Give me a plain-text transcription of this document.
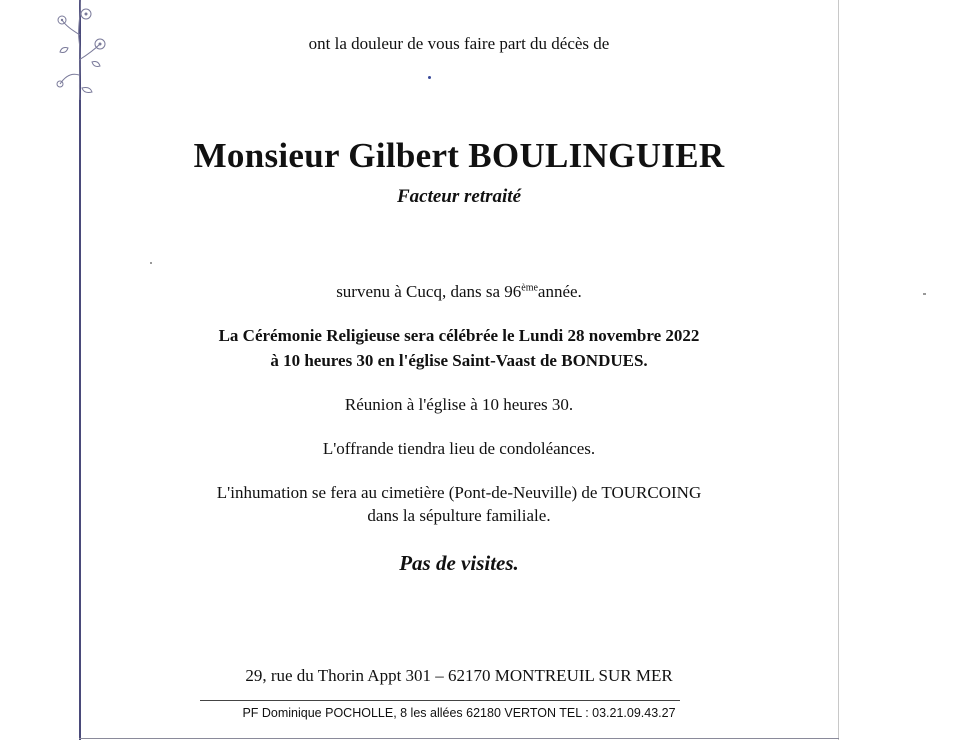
ont la douleur de vous faire part du décès de
Monsieur Gilbert BOULINGUIER
Facteur retraité
survenu à Cucq, dans sa 96èmeannée.
La Cérémonie Religieuse sera célébrée le Lundi 28 novembre 2022
à 10 heures 30 en l'église Saint-Vaast de BONDUES.
Réunion à l'église à 10 heures 30.
L'offrande tiendra lieu de condoléances.
L'inhumation se fera au cimetière (Pont-de-Neuville) de TOURCOING
dans la sépulture familiale.
Pas de visites.
29, rue du Thorin Appt 301 – 62170 MONTREUIL SUR MER
PF Dominique POCHOLLE, 8 les allées 62180 VERTON TEL : 03.21.09.43.27
